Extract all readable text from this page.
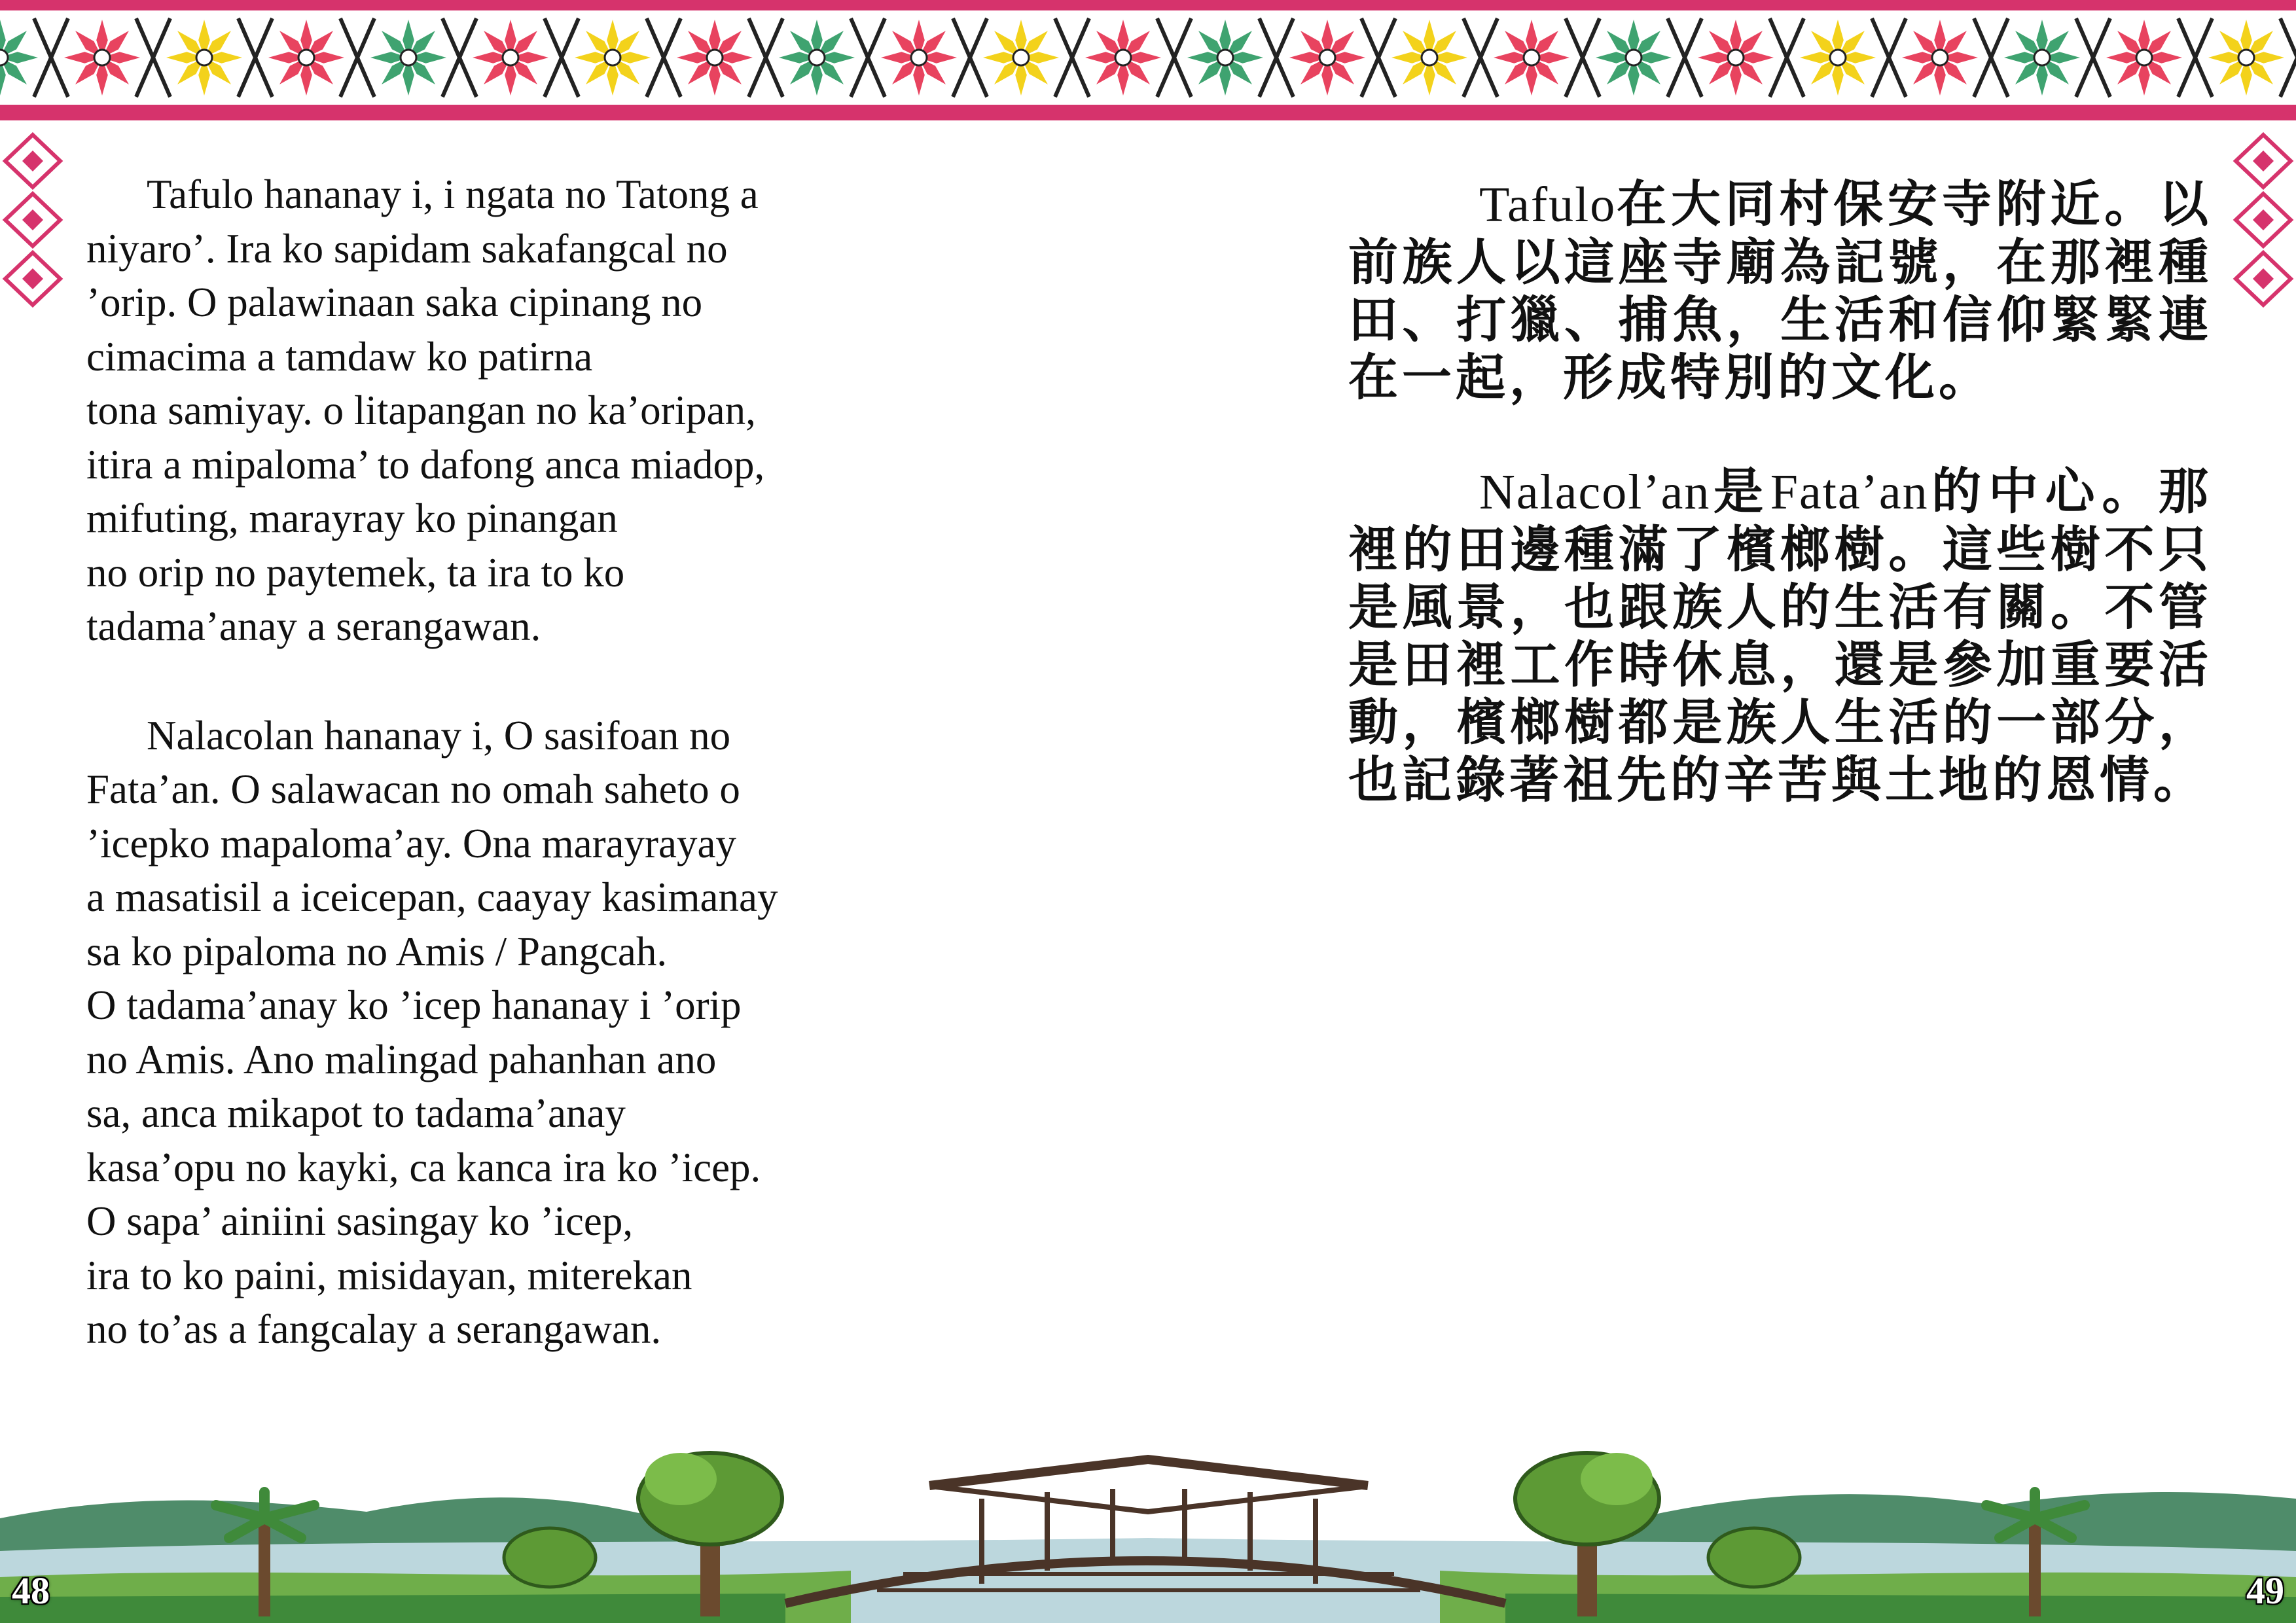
Tafulo hananay i, i ngata no Tatong a
niyaro’. Ira ko sapidam sakafangcal no
’orip. O palawinaan saka cipinang no
cimacima a tamdaw ko patirna
tona samiyay. o litapangan no ka’oripan,
itira a mipaloma’ to dafong anca miadop,
mifuting, marayray ko pinangan
no orip no paytemek, ta ira to ko
tadama’anay a serangawan.

Nalacolan hananay i, O sasifoan no
Fata’an. O salawacan no omah saheto o
’icepko mapaloma’ay. Ona marayrayay
a masatisil a iceicepan, caayay kasimanay
sa ko pipaloma no Amis / Pangcah.
O tadama’anay ko ’icep hananay i ’orip
no Amis. Ano malingad pahanhan ano
sa, anca mikapot to tadama’anay
kasa’opu no kayki, ca kanca ira ko ’icep.
O sapa’ ainiini sasingay ko ’icep,
ira to ko paini, misidayan, miterekan
no to’as a fangcalay a serangawan.

Tafulo在大同村保安寺附近。以前族人以這座寺廟為記號，在那裡種田、打獵、捕魚，生活和信仰緊緊連在一起，形成特別的文化。

Nalacol’an是Fata’an的中心。那裡的田邊種滿了檳榔樹。這些樹不只是風景，也跟族人的生活有關。不管是田裡工作時休息，還是參加重要活動，檳榔樹都是族人生活的一部分，也記錄著祖先的辛苦與土地的恩情。

48	49
